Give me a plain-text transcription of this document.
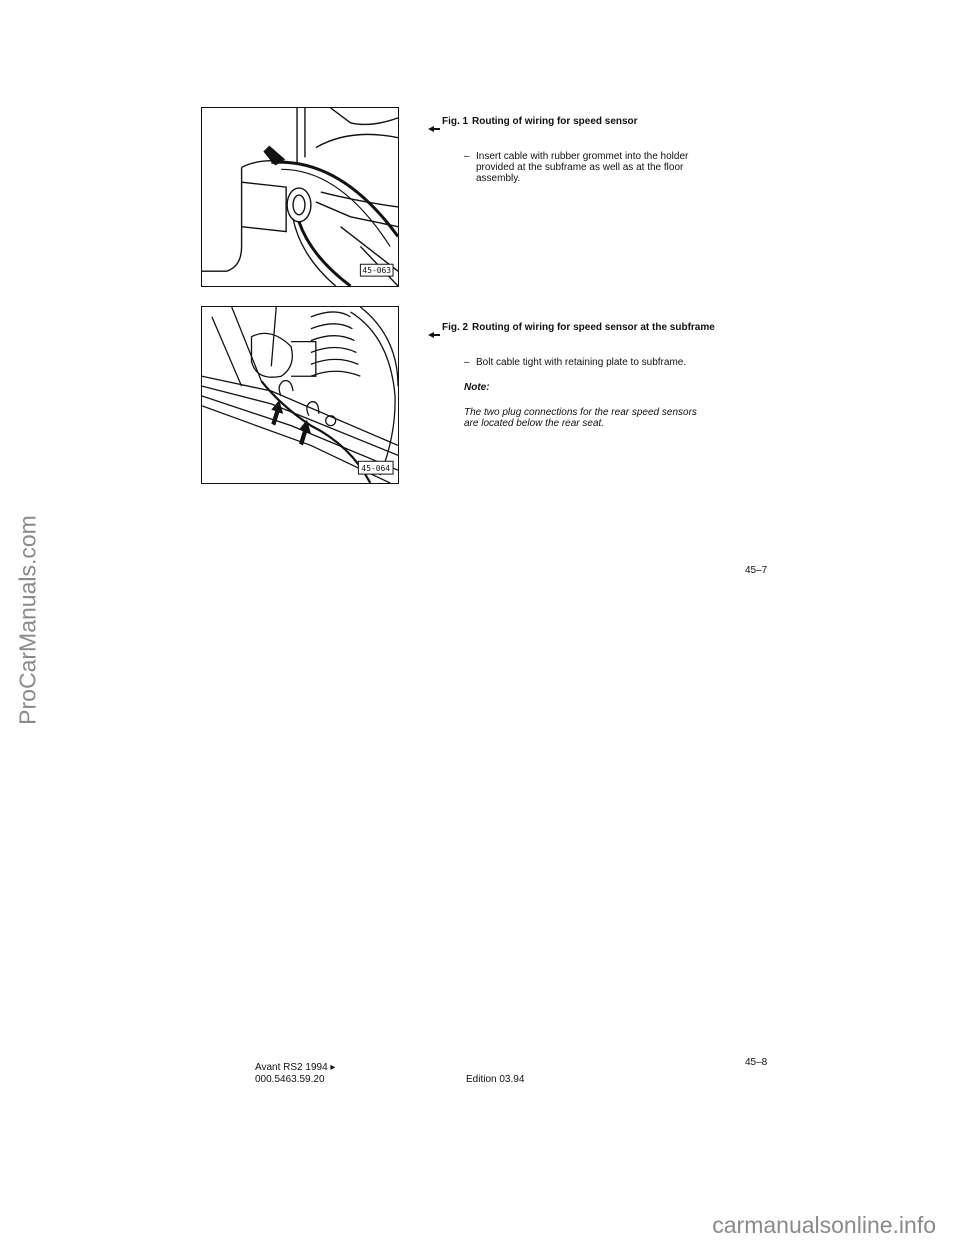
ProCarManuals.com
carmanualsonline.info
45-063
Fig. 1 Routing of wiring for speed sensor
– Insert cable with rubber grommet into the holder provided at the subframe as well as at the floor assembly.
45-064
Fig. 2 Routing of wiring for speed sensor at the subframe
– Bolt cable tight with retaining plate to subframe.
Note:
The two plug connections for the rear speed sensors are located below the rear seat.
45–7
45–8
Avant RS2 1994 ▸
000.5463.59.20	Edition 03.94
